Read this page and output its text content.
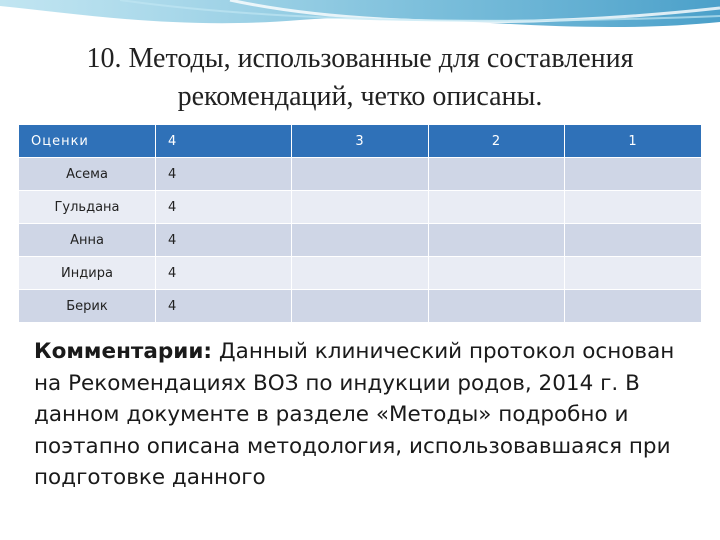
10. Методы, использованные для составления рекомендаций, четко описаны.
Оценки	4	3	2	1
Асема	4			
Гульдана	4			
Анна	4			
Индира	4			
Берик	4			
Комментарии: Данный клинический протокол основан на Рекомендациях ВОЗ по индукции родов, 2014 г. В данном документе в разделе «Методы» подробно и поэтапно описана методология, использовавшаяся при подготовке данного
